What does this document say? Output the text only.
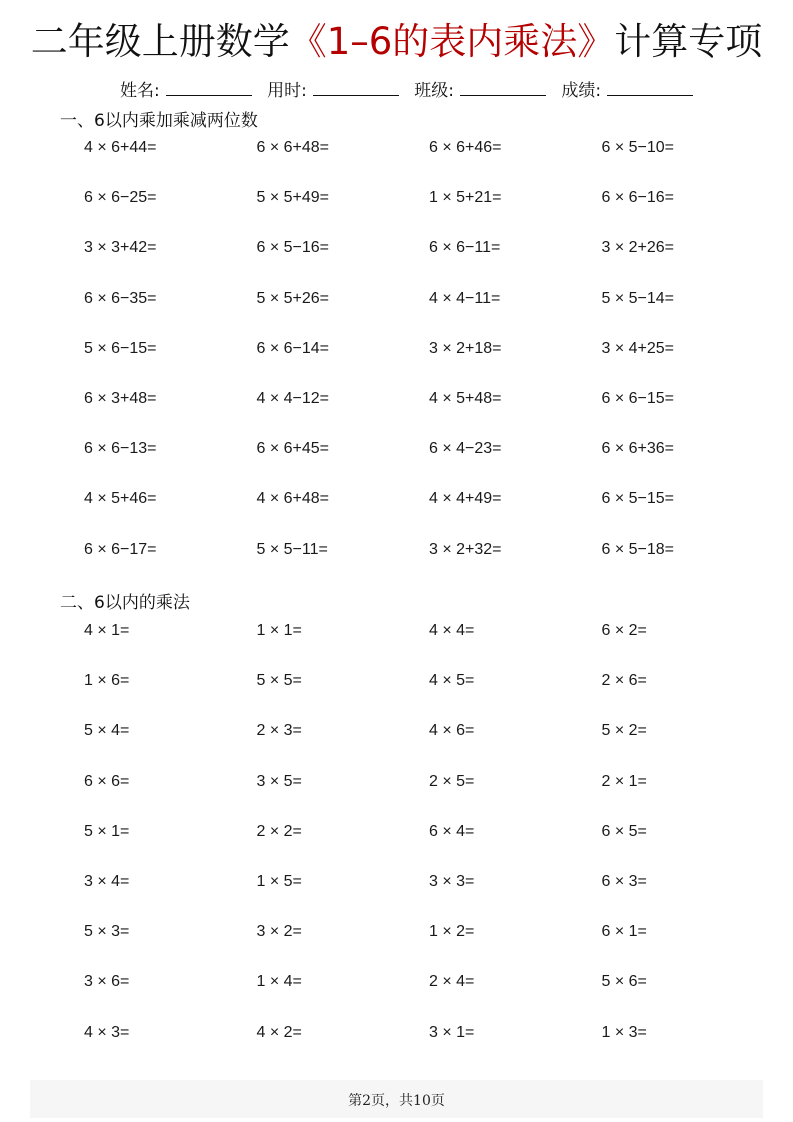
二年级上册数学《1–6的表内乘法》计算专项
姓名:	用时:	班级:	成绩:
一、6以内乘加乘减两位数
4 × 6+44=	6 × 6+48=	6 × 6+46=	6 × 5−10=
6 × 6−25=	5 × 5+49=	1 × 5+21=	6 × 6−16=
3 × 3+42=	6 × 5−16=	6 × 6−11=	3 × 2+26=
6 × 6−35=	5 × 5+26=	4 × 4−11=	5 × 5−14=
5 × 6−15=	6 × 6−14=	3 × 2+18=	3 × 4+25=
6 × 3+48=	4 × 4−12=	4 × 5+48=	6 × 6−15=
6 × 6−13=	6 × 6+45=	6 × 4−23=	6 × 6+36=
4 × 5+46=	4 × 6+48=	4 × 4+49=	6 × 5−15=
6 × 6−17=	5 × 5−11=	3 × 2+32=	6 × 5−18=
二、6以内的乘法
4 × 1=	1 × 1=	4 × 4=	6 × 2=
1 × 6=	5 × 5=	4 × 5=	2 × 6=
5 × 4=	2 × 3=	4 × 6=	5 × 2=
6 × 6=	3 × 5=	2 × 5=	2 × 1=
5 × 1=	2 × 2=	6 × 4=	6 × 5=
3 × 4=	1 × 5=	3 × 3=	6 × 3=
5 × 3=	3 × 2=	1 × 2=	6 × 1=
3 × 6=	1 × 4=	2 × 4=	5 × 6=
4 × 3=	4 × 2=	3 × 1=	1 × 3=
第2页，共10页
